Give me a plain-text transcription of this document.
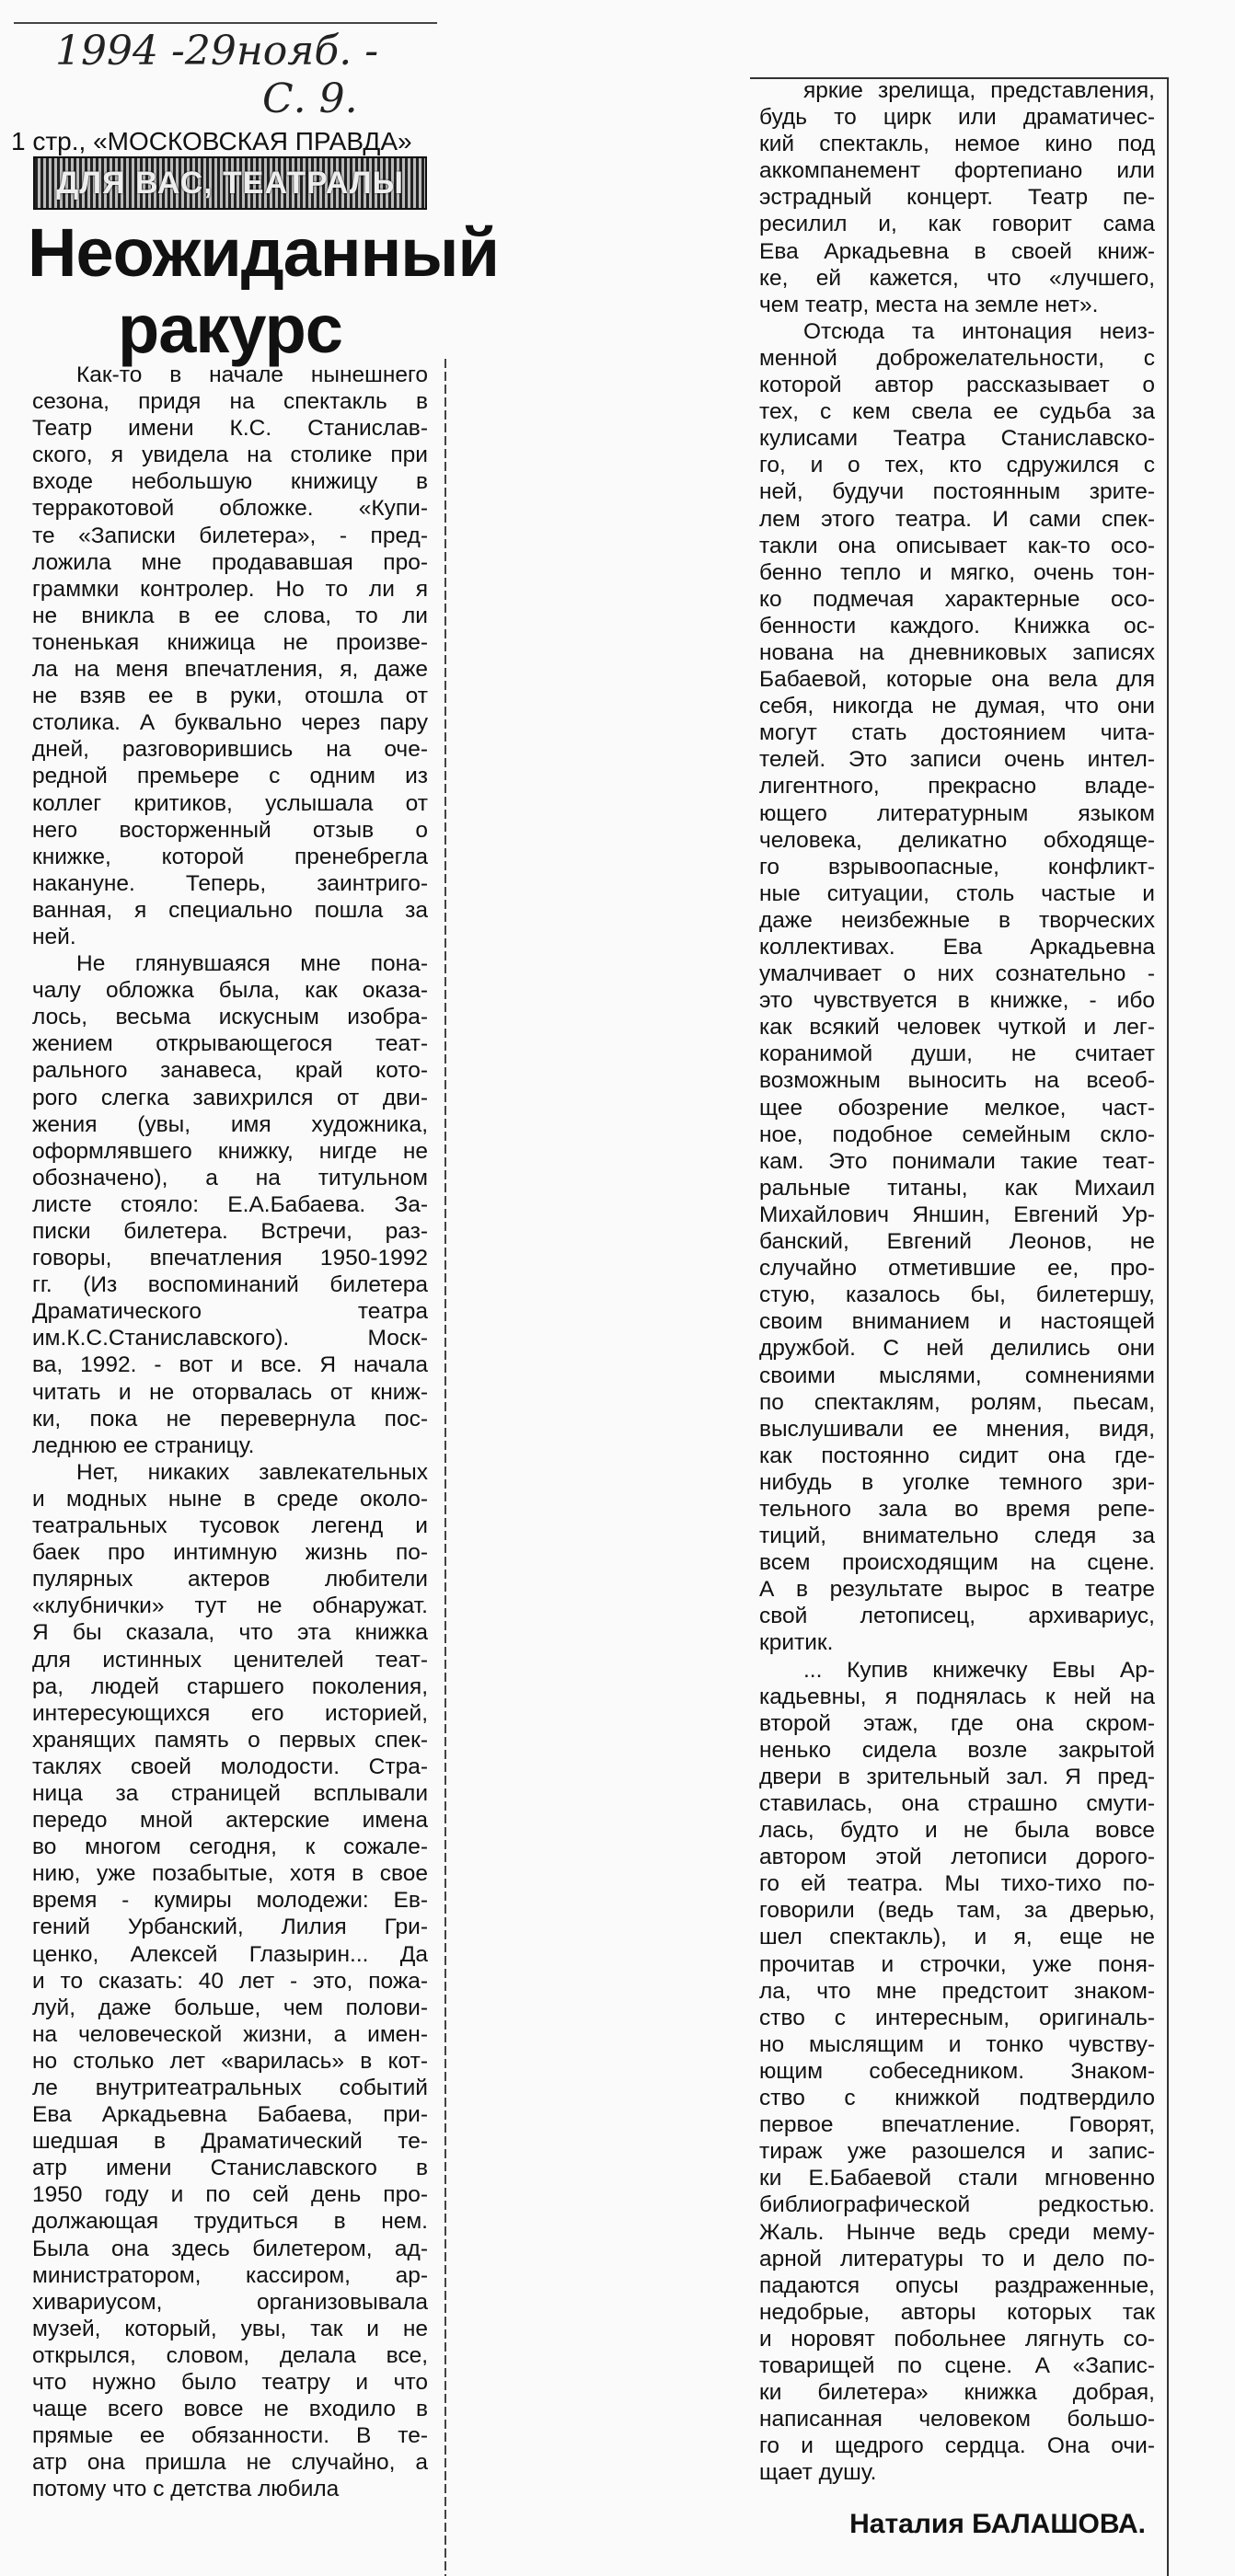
1994 -29нояб. -
С. 9.
1 стр., «МОСКОВСКАЯ ПРАВДА»
ДЛЯ ВАС, ТЕАТРАЛЫ
Неожиданный
ракурс
Как-то в начале нынешнего
сезона, придя на спектакль в
Театр имени К.С. Станислав-
ского, я увидела на столике при
входе небольшую книжицу в
терракотовой обложке. «Купи-
те «Записки билетера», - пред-
ложила мне продававшая про-
граммки контролер. Но то ли я
не вникла в ее слова, то ли
тоненькая книжица не произве-
ла на меня впечатления, я, даже
не взяв ее в руки, отошла от
столика. А буквально через пару
дней, разговорившись на оче-
редной премьере с одним из
коллег критиков, услышала от
него восторженный отзыв о
книжке, которой пренебрегла
накануне. Теперь, заинтриго-
ванная, я специально пошла за
ней.
Не глянувшаяся мне пона-
чалу обложка была, как оказа-
лось, весьма искусным изобра-
жением открывающегося теат-
рального занавеса, край кото-
рого слегка завихрился от дви-
жения (увы, имя художника,
оформлявшего книжку, нигде не
обозначено), а на титульном
листе стояло: Е.А.Бабаева. За-
писки билетера. Встречи, раз-
говоры, впечатления 1950-1992
гг. (Из воспоминаний билетера
Драматического театра
им.К.С.Станиславского). Моск-
ва, 1992. - вот и все. Я начала
читать и не оторвалась от книж-
ки, пока не перевернула пос-
леднюю ее страницу.
Нет, никаких завлекательных
и модных ныне в среде около-
театральных тусовок легенд и
баек про интимную жизнь по-
пулярных актеров любители
«клубнички» тут не обнаружат.
Я бы сказала, что эта книжка
для истинных ценителей теат-
ра, людей старшего поколения,
интересующихся его историей,
хранящих память о первых спек-
таклях своей молодости. Стра-
ница за страницей всплывали
передо мной актерские имена
во многом сегодня, к сожале-
нию, уже позабытые, хотя в свое
время - кумиры молодежи: Ев-
гений Урбанский, Лилия Гри-
ценко, Алексей Глазырин... Да
и то сказать: 40 лет - это, пожа-
луй, даже больше, чем полови-
на человеческой жизни, а имен-
но столько лет «варилась» в кот-
ле внутритеатральных событий
Ева Аркадьевна Бабаева, при-
шедшая в Драматический те-
атр имени Станиславского в
1950 году и по сей день про-
должающая трудиться в нем.
Была она здесь билетером, ад-
министратором, кассиром, ар-
хивариусом, организовывала
музей, который, увы, так и не
открылся, словом, делала все,
что нужно было театру и что
чаще всего вовсе не входило в
прямые ее обязанности. В те-
атр она пришла не случайно, а
потому что с детства любила
яркие зрелища, представления,
будь то цирк или драматичес-
кий спектакль, немое кино под
аккомпанемент фортепиано или
эстрадный концерт. Театр пе-
ресилил и, как говорит сама
Ева Аркадьевна в своей книж-
ке, ей кажется, что «лучшего,
чем театр, места на земле нет».
Отсюда та интонация неиз-
менной доброжелательности, с
которой автор рассказывает о
тех, с кем свела ее судьба за
кулисами Театра Станиславско-
го, и о тех, кто сдружился с
ней, будучи постоянным зрите-
лем этого театра. И сами спек-
такли она описывает как-то осо-
бенно тепло и мягко, очень тон-
ко подмечая характерные осо-
бенности каждого. Книжка ос-
нована на дневниковых записях
Бабаевой, которые она вела для
себя, никогда не думая, что они
могут стать достоянием чита-
телей. Это записи очень интел-
лигентного, прекрасно владе-
ющего литературным языком
человека, деликатно обходяще-
го взрывоопасные, конфликт-
ные ситуации, столь частые и
даже неизбежные в творческих
коллективах. Ева Аркадьевна
умалчивает о них сознательно -
это чувствуется в книжке, - ибо
как всякий человек чуткой и лег-
коранимой души, не считает
возможным выносить на всеоб-
щее обозрение мелкое, част-
ное, подобное семейным скло-
кам. Это понимали такие теат-
ральные титаны, как Михаил
Михайлович Яншин, Евгений Ур-
банский, Евгений Леонов, не
случайно отметившие ее, про-
стую, казалось бы, билетершу,
своим вниманием и настоящей
дружбой. С ней делились они
своими мыслями, сомнениями
по спектаклям, ролям, пьесам,
выслушивали ее мнения, видя,
как постоянно сидит она где-
нибудь в уголке темного зри-
тельного зала во время репе-
тиций, внимательно следя за
всем происходящим на сцене.
А в результате вырос в театре
свой летописец, архивариус,
критик.
... Купив книжечку Евы Ар-
кадьевны, я поднялась к ней на
второй этаж, где она скром-
ненько сидела возле закрытой
двери в зрительный зал. Я пред-
ставилась, она страшно смути-
лась, будто и не была вовсе
автором этой летописи дорого-
го ей театра. Мы тихо-тихо по-
говорили (ведь там, за дверью,
шел спектакль), и я, еще не
прочитав и строчки, уже поня-
ла, что мне предстоит знаком-
ство с интересным, оригиналь-
но мыслящим и тонко чувству-
ющим собеседником. Знаком-
ство с книжкой подтвердило
первое впечатление. Говорят,
тираж уже разошелся и запис-
ки Е.Бабаевой стали мгновенно
библиографической редкостью.
Жаль. Нынче ведь среди мему-
арной литературы то и дело по-
падаются опусы раздраженные,
недобрые, авторы которых так
и норовят побольнее лягнуть со-
товарищей по сцене. А «Запис-
ки билетера» книжка добрая,
написанная человеком большо-
го и щедрого сердца. Она очи-
щает душу.
Наталия БАЛАШОВА.
